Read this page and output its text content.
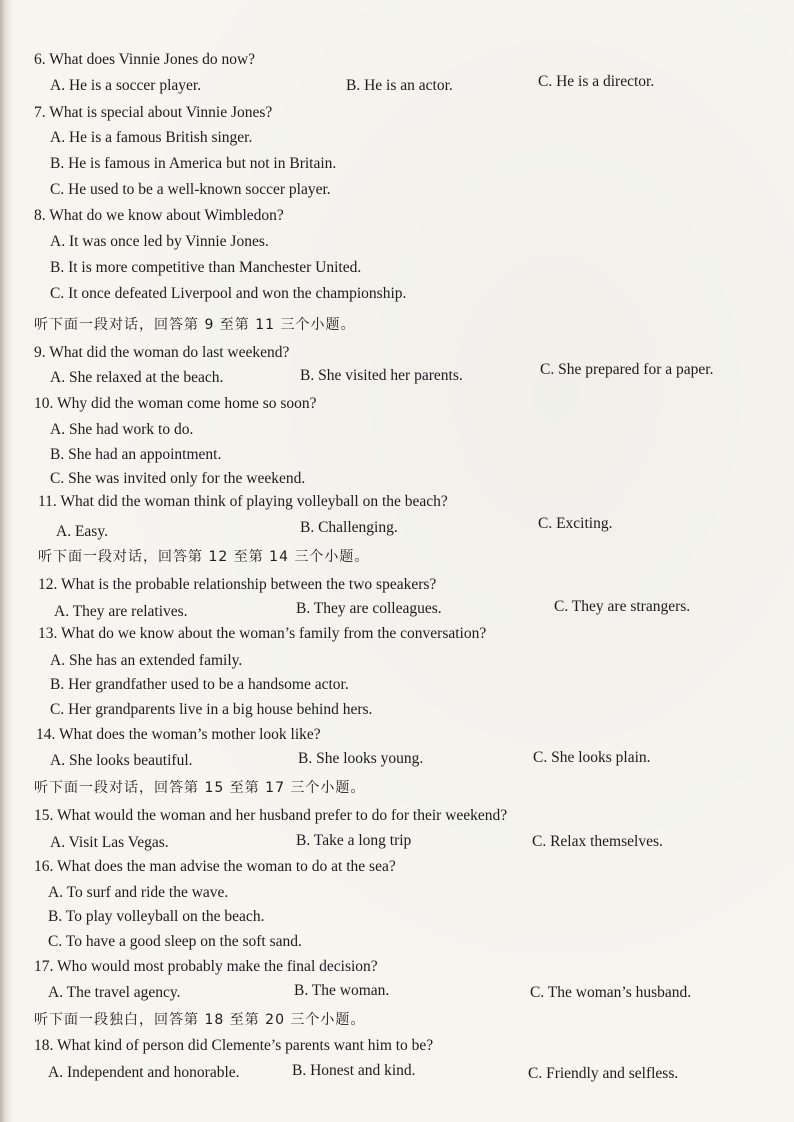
6. What does Vinnie Jones do now?
A. He is a soccer player.	B. He is an actor.	C. He is a director.
7. What is special about Vinnie Jones?
A. He is a famous British singer.
B. He is famous in America but not in Britain.
C. He used to be a well-known soccer player.
8. What do we know about Wimbledon?
A. It was once led by Vinnie Jones.
B. It is more competitive than Manchester United.
C. It once defeated Liverpool and won the championship.
听下面一段对话，回答第 9 至第 11 三个小题。
9. What did the woman do last weekend?
A. She relaxed at the beach.	B. She visited her parents.	C. She prepared for a paper.
10. Why did the woman come home so soon?
A. She had work to do.
B. She had an appointment.
C. She was invited only for the weekend.
11. What did the woman think of playing volleyball on the beach?
A. Easy.	B. Challenging.	C. Exciting.
听下面一段对话，回答第 12 至第 14 三个小题。
12. What is the probable relationship between the two speakers?
A. They are relatives.	B. They are colleagues.	C. They are strangers.
13. What do we know about the woman’s family from the conversation?
A. She has an extended family.
B. Her grandfather used to be a handsome actor.
C. Her grandparents live in a big house behind hers.
14. What does the woman’s mother look like?
A. She looks beautiful.	B. She looks young.	C. She looks plain.
听下面一段对话，回答第 15 至第 17 三个小题。
15. What would the woman and her husband prefer to do for their weekend?
A. Visit Las Vegas.	B. Take a long trip	C. Relax themselves.
16. What does the man advise the woman to do at the sea?
A. To surf and ride the wave.
B. To play volleyball on the beach.
C. To have a good sleep on the soft sand.
17. Who would most probably make the final decision?
A. The travel agency.	B. The woman.	C. The woman’s husband.
听下面一段独白，回答第 18 至第 20 三个小题。
18. What kind of person did Clemente’s parents want him to be?
A. Independent and honorable.	B. Honest and kind.	C. Friendly and selfless.
